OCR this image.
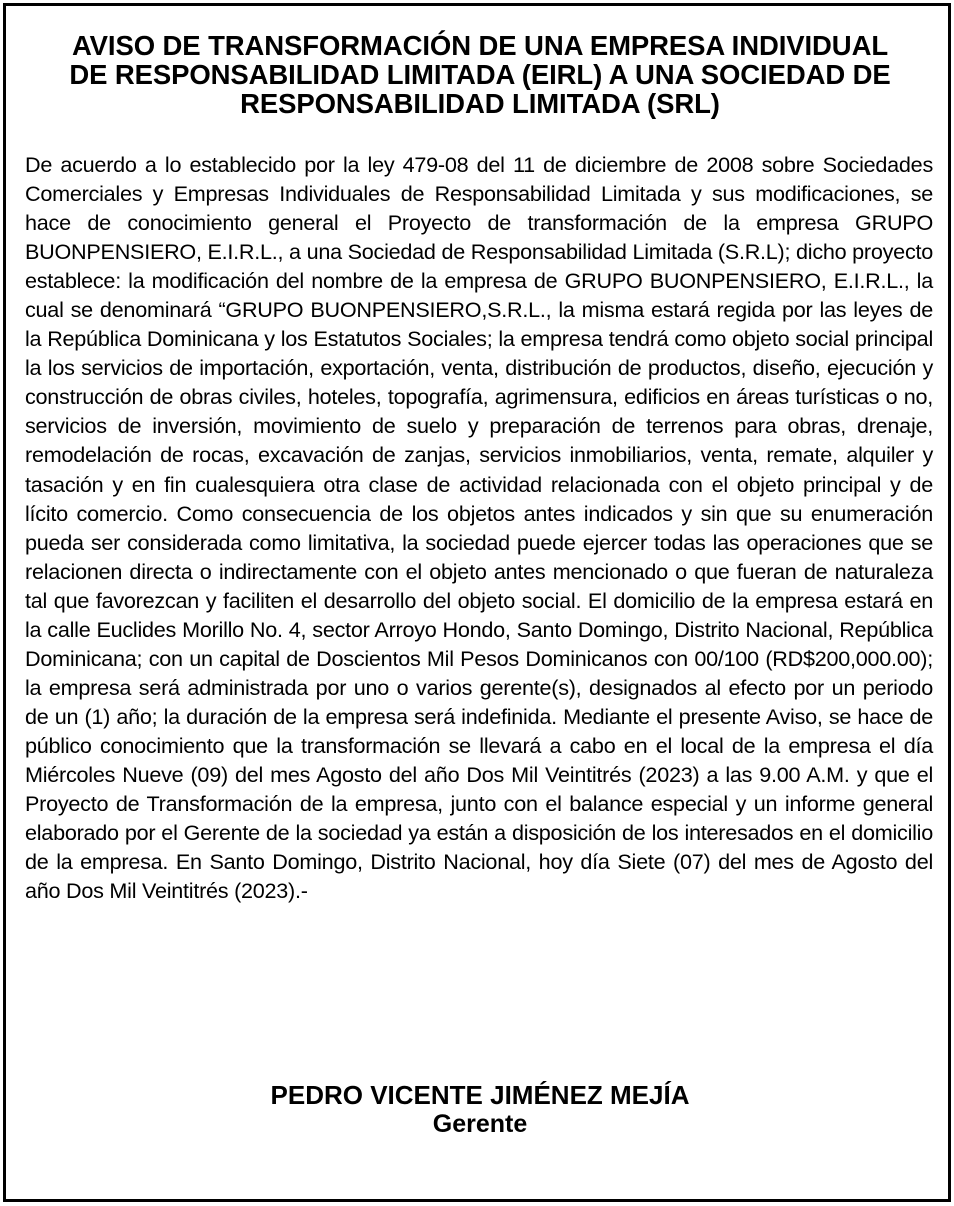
AVISO DE TRANSFORMACIÓN DE UNA EMPRESA INDIVIDUAL
DE RESPONSABILIDAD LIMITADA (EIRL) A UNA SOCIEDAD DE
RESPONSABILIDAD LIMITADA (SRL)
De acuerdo a lo establecido por la ley 479-08 del 11 de diciembre de 2008 sobre Sociedades Comerciales y Empresas Individuales de Responsabilidad Limitada y sus modificaciones, se hace de conocimiento general el Proyecto de transformación de la empresa GRUPO BUONPENSIERO, E.I.R.L., a una Sociedad de Responsabilidad Limitada (S.R.L); dicho proyecto establece: la modificación del nombre de la empresa de GRUPO BUONPENSIERO, E.I.R.L., la cual se denominará “GRUPO BUONPENSIERO,S.R.L., la misma estará regida por las leyes de la República Dominicana y los Estatutos Sociales; la empresa tendrá como objeto social principal la los servicios de importación, exportación, venta, distribución de productos, diseño, ejecución y construcción de obras civiles, hoteles, topografía, agrimensura, edificios en áreas turísticas o no, servicios de inversión, movimiento de suelo y preparación de terrenos para obras, drenaje, remodelación de rocas, excavación de zanjas, servicios inmobiliarios, venta, remate, alquiler y tasación y en fin cualesquiera otra clase de actividad relacionada con el objeto principal y de lícito comercio. Como consecuencia de los objetos antes indicados y sin que su enumeración pueda ser considerada como limitativa, la sociedad puede ejercer todas las operaciones que se relacionen directa o indirectamente con el objeto antes mencionado o que fueran de naturaleza tal que favorezcan y faciliten el desarrollo del objeto social. El domicilio de la empresa estará en la calle Euclides Morillo No. 4, sector Arroyo Hondo, Santo Domingo, Distrito Nacional, República Dominicana; con un capital de Doscientos Mil Pesos Dominicanos con 00/100 (RD$200,000.00); la empresa será administrada por uno o varios gerente(s), designados al efecto por un periodo de un (1) año; la duración de la empresa será indefinida. Mediante el presente Aviso, se hace de público conocimiento que la transformación se llevará a cabo en el local de la empresa el día Miércoles Nueve (09) del mes Agosto del año Dos Mil Veintitrés (2023) a las 9.00 A.M. y que el Proyecto de Transformación de la empresa, junto con el balance especial y un informe general elaborado por el Gerente de la sociedad ya están a disposición de los interesados en el domicilio de la empresa. En Santo Domingo, Distrito Nacional, hoy día Siete (07) del mes de Agosto del año Dos Mil Veintitrés (2023).-
PEDRO VICENTE JIMÉNEZ MEJÍA
Gerente
